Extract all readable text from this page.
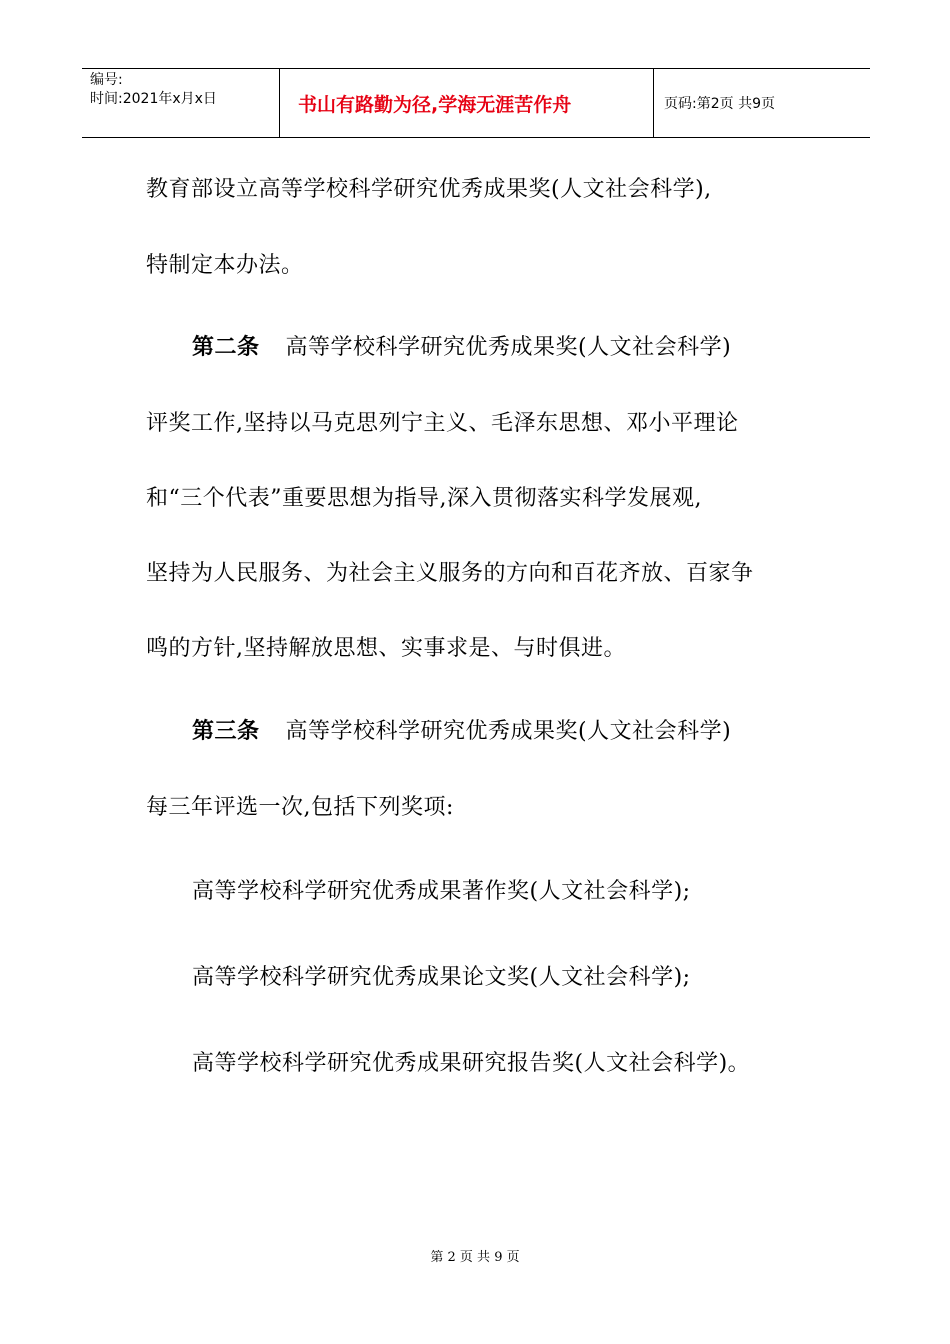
编号:
时间:2021年x月x日	书山有路勤为径,学海无涯苦作舟	页码:第2页 共9页
教育部设立高等学校科学研究优秀成果奖(人文社会科学),
特制定本办法。
第二条 高等学校科学研究优秀成果奖(人文社会科学)
评奖工作,坚持以马克思列宁主义、毛泽东思想、邓小平理论
和“三个代表”重要思想为指导,深入贯彻落实科学发展观,
坚持为人民服务、为社会主义服务的方向和百花齐放、百家争
鸣的方针,坚持解放思想、实事求是、与时俱进。
第三条 高等学校科学研究优秀成果奖(人文社会科学)
每三年评选一次,包括下列奖项:
高等学校科学研究优秀成果著作奖(人文社会科学);
高等学校科学研究优秀成果论文奖(人文社会科学);
高等学校科学研究优秀成果研究报告奖(人文社会科学)。
第 2 页 共 9 页
